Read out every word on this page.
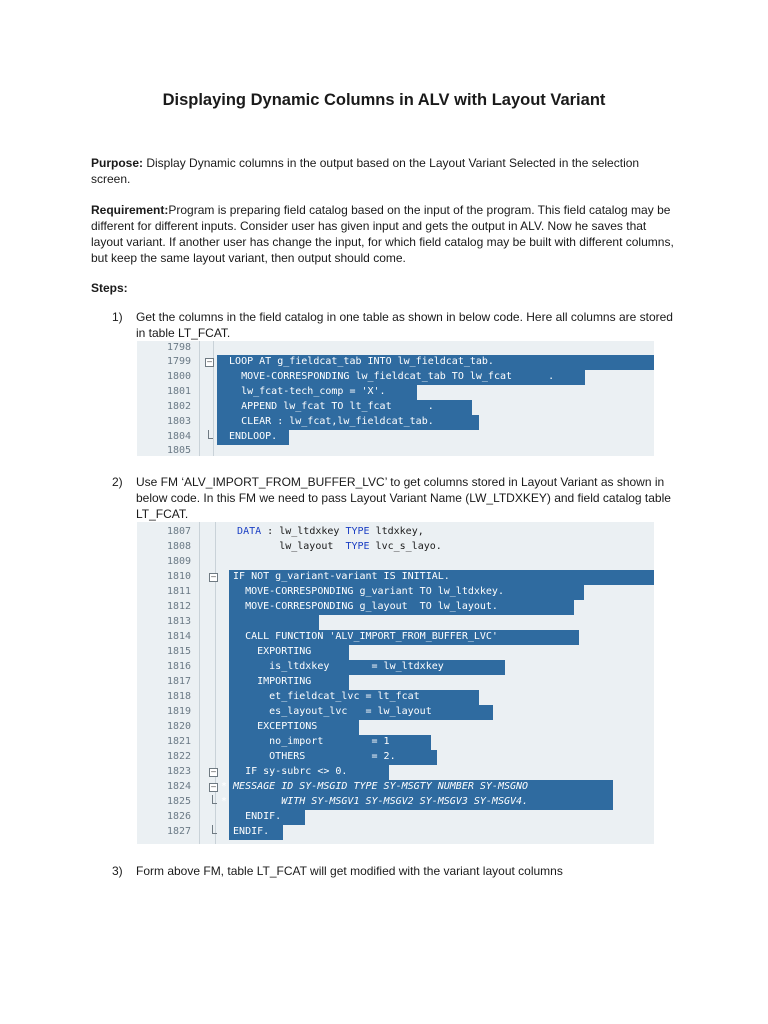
Displaying Dynamic Columns in ALV with Layout Variant

Purpose: Display Dynamic columns in the output based on the Layout Variant Selected in the selection screen.

Requirement:Program is preparing field catalog based on the input of the program. This field catalog may be different for different inputs. Consider user has given input and gets the output in ALV. Now he saves that layout variant. If another user has change the input, for which field catalog may be built with different columns, but keep the same layout variant, then output should come.

Steps:

1) Get the columns in the field catalog in one table as shown in below code. Here all columns are stored in table LT_FCAT.
1798
1799 –	LOOP AT g_fieldcat_tab INTO lw_fieldcat_tab.
1800	MOVE-CORRESPONDING lw_fieldcat_tab TO lw_fcat      .
1801	lw_fcat-tech_comp = 'X'.
1802	APPEND lw_fcat TO lt_fcat      .
1803	CLEAR : lw_fcat,lw_fieldcat_tab.
1804	ENDLOOP.
1805
2) Use FM ‘ALV_IMPORT_FROM_BUFFER_LVC’ to get columns stored in Layout Variant as shown in below code. In this FM we need to pass Layout Variant Name (LW_LTDXKEY) and field catalog table LT_FCAT.
1807	DATA : lw_ltdxkey TYPE ltdxkey,
1808	lw_layout  TYPE lvc_s_layo.
1809
1810 –	IF NOT g_variant-variant IS INITIAL.
1811	MOVE-CORRESPONDING g_variant TO lw_ltdxkey.
1812	MOVE-CORRESPONDING g_layout  TO lw_layout.
1813
1814	CALL FUNCTION 'ALV_IMPORT_FROM_BUFFER_LVC'
1815	EXPORTING
1816	is_ltdxkey       = lw_ltdxkey
1817	IMPORTING
1818	et_fieldcat_lvc = lt_fcat
1819	es_layout_lvc   = lw_layout
1820	EXCEPTIONS
1821	no_import        = 1
1822	OTHERS           = 2.
1823 –	IF sy-subrc <> 0.
1824 –	* MESSAGE ID SY-MSGID TYPE SY-MSGTY NUMBER SY-MSGNO
1825	*         WITH SY-MSGV1 SY-MSGV2 SY-MSGV3 SY-MSGV4.
1826	ENDIF.
1827	ENDIF.
3) Form above FM, table LT_FCAT will get modified with the variant layout columns
